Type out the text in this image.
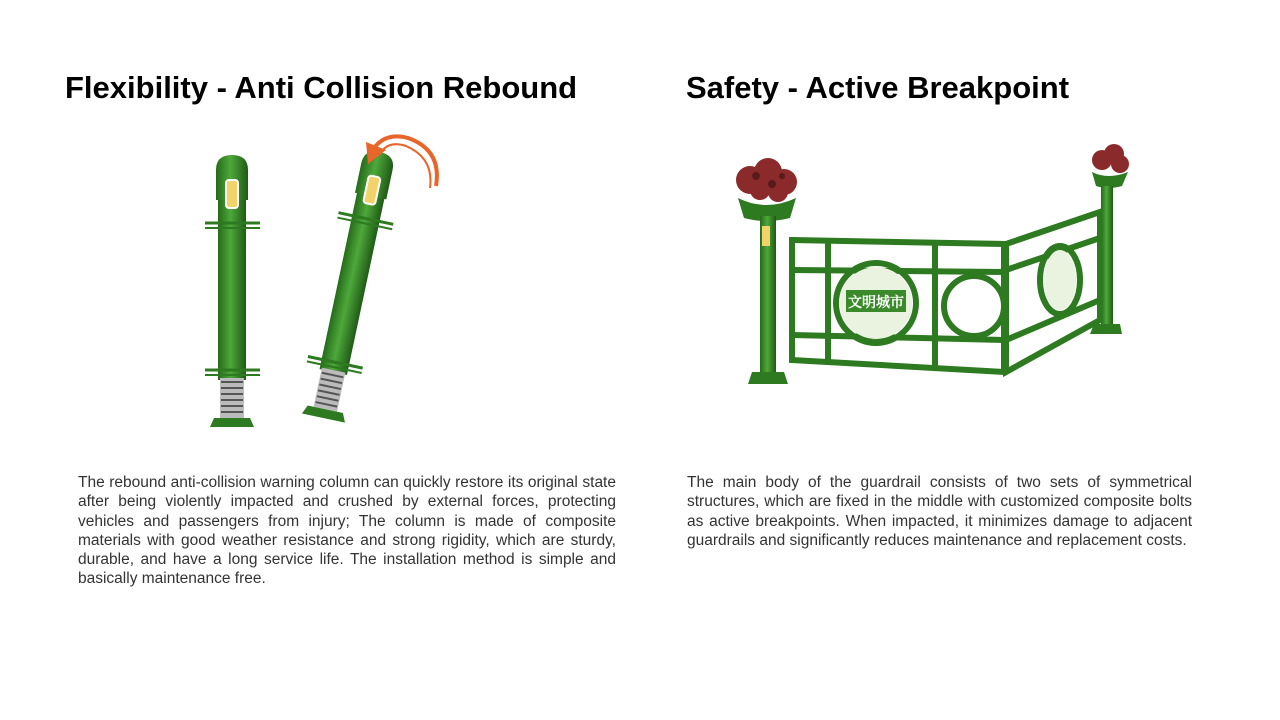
Flexibility - Anti Collision Rebound	Safety - Active Breakpoint
文明城市

The rebound anti-collision warning column can quickly restore its original state after being violently impacted and crushed by external forces, protecting vehicles and passengers from injury; The column is made of composite materials with good weather resistance and strong rigidity, which are sturdy, durable, and have a long service life. The installation method is simple and basically maintenance free.

The main body of the guardrail consists of two sets of symmetrical structures, which are fixed in the middle with customized composite bolts as active breakpoints. When impacted, it minimizes damage to adjacent guardrails and significantly reduces maintenance and replacement costs.
